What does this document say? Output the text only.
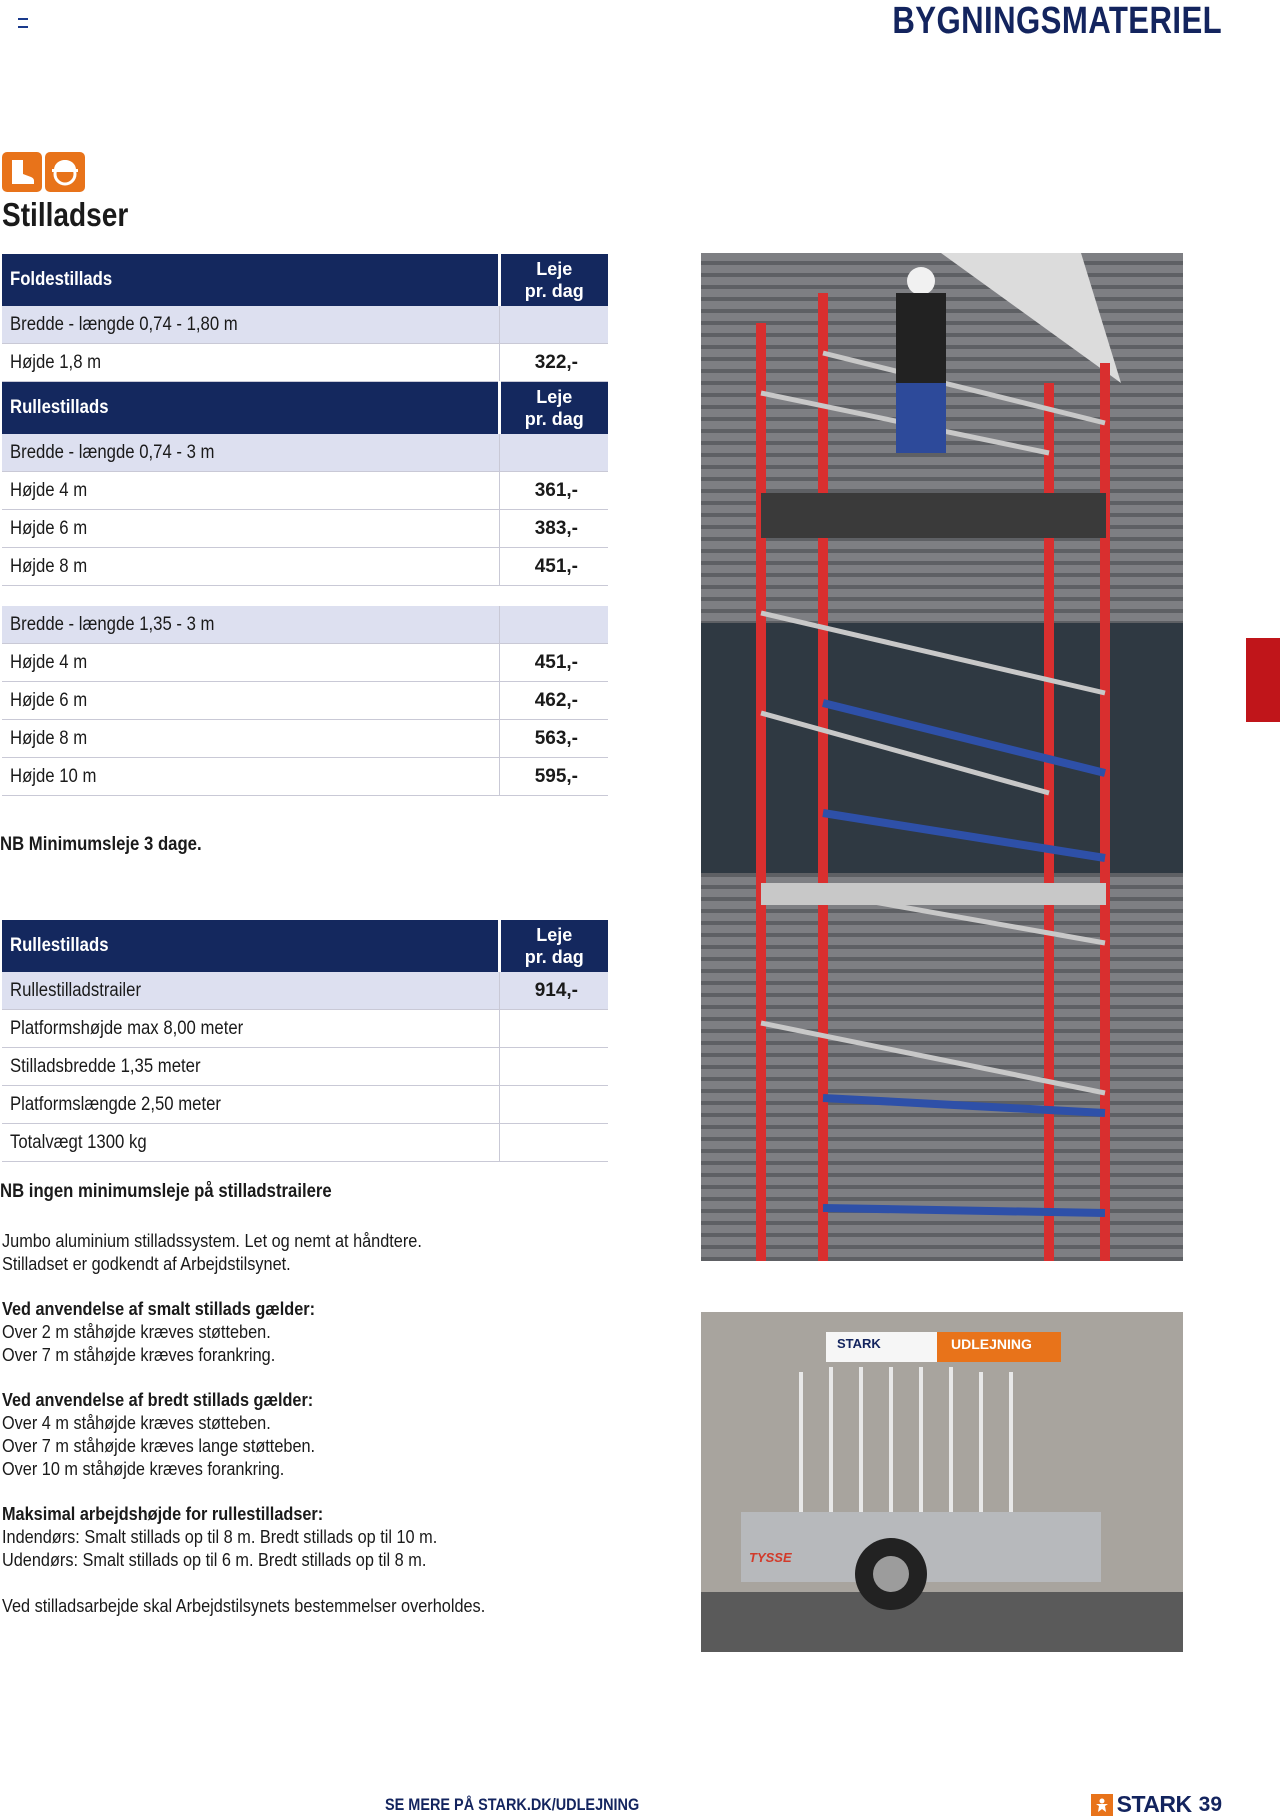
BYGNINGSMATERIEL
Stilladser
Foldestillads	Leje
pr. dag
Bredde - længde 0,74 - 1,80 m	
Højde 1,8 m	322,-
Rullestillads	Leje
pr. dag
Bredde - længde 0,74 - 3 m	
Højde 4 m	361,-
Højde 6 m	383,-
Højde 8 m	451,-

Bredde - længde 1,35 - 3 m	
Højde 4 m	451,-
Højde 6 m	462,-
Højde 8 m	563,-
Højde 10 m	595,-
NB Minimumsleje 3 dage.
Rullestillads	Leje
pr. dag
Rullestilladstrailer	914,-
Platformshøjde max 8,00 meter	
Stilladsbredde 1,35 meter	
Platformslængde 2,50 meter	
Totalvægt 1300 kg	
NB ingen minimumsleje på stilladstrailere
Jumbo aluminium stilladssystem. Let og nemt at håndtere.
Stilladset er godkendt af Arbejdstilsynet.
Ved anvendelse af smalt stillads gælder:
Over 2 m ståhøjde kræves støtteben.
Over 7 m ståhøjde kræves forankring.
Ved anvendelse af bredt stillads gælder:
Over 4 m ståhøjde kræves støtteben.
Over 7 m ståhøjde kræves lange støtteben.
Over 10 m ståhøjde kræves forankring.
Maksimal arbejdshøjde for rullestilladser:
Indendørs: Smalt stillads op til 8 m. Bredt stillads op til 10 m.
Udendørs: Smalt stillads op til 6 m. Bredt stillads op til 8 m.
Ved stilladsarbejde skal Arbejdstilsynets bestemmelser overholdes.
STARK	UDLEJNING
TYSSE
SE MERE PÅ STARK.DK/UDLEJNING	STARK 39
